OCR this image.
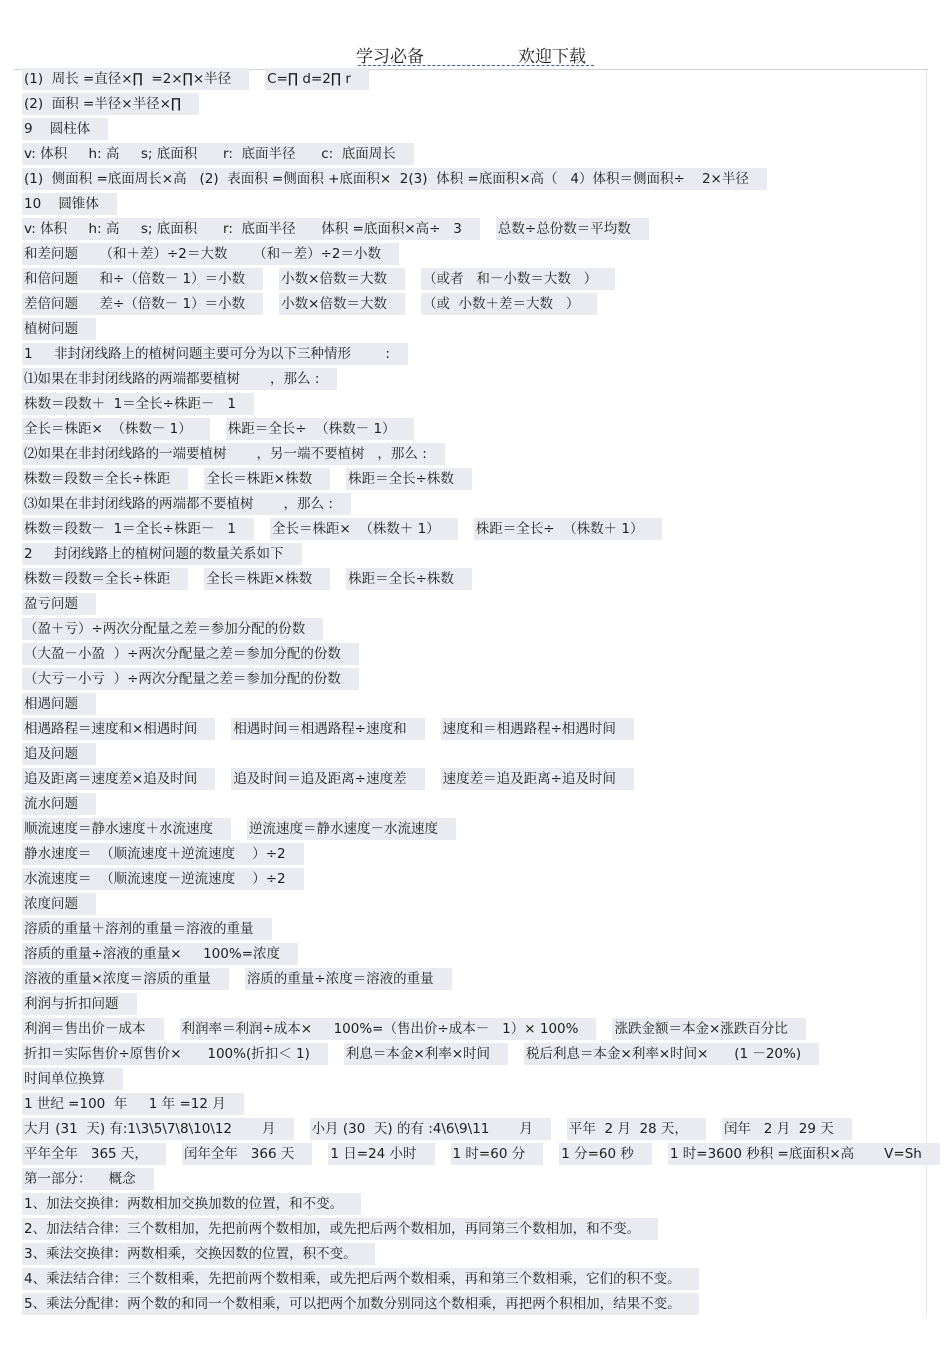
学习必备	欢迎下载
(1)  周长 =直径×∏  =2×∏×半径	C=∏ d=2∏ r
(2)  面积 =半径×半径×∏
9    圆柱体
v: 体积     h: 高     s; 底面积      r:  底面半径      c:  底面周长
(1)  侧面积 =底面周长×高   (2)  表面积 =侧面积 +底面积×  2(3)  体积 =底面积×高（   4）体积＝侧面积÷    2×半径
10    圆锥体
v: 体积     h: 高     s; 底面积      r:  底面半径      体积 =底面积×高÷   3	总数÷总份数＝平均数
和差问题     （和＋差）÷2＝大数      （和－差）÷2＝小数
和倍问题     和÷（倍数－ 1）＝小数	小数×倍数＝大数	（或者   和－小数＝大数   ）
差倍问题     差÷（倍数－ 1）＝小数	小数×倍数＝大数	（或  小数＋差＝大数   ）
植树问题
1     非封闭线路上的植树问题主要可分为以下三种情形        :
⑴如果在非封闭线路的两端都要植树       ，那么 :
株数＝段数＋  1＝全长÷株距－   1
全长＝株距×  （株数－ 1）	株距＝全长÷  （株数－ 1）
⑵如果在非封闭线路的一端要植树       ，另一端不要植树   ，那么 :
株数＝段数＝全长÷株距	全长＝株距×株数	株距＝全长÷株数
⑶如果在非封闭线路的两端都不要植树       ，那么 :
株数＝段数－  1＝全长÷株距－   1	全长＝株距×  （株数＋ 1）	株距＝全长÷  （株数＋ 1）
2     封闭线路上的植树问题的数量关系如下
株数＝段数＝全长÷株距	全长＝株距×株数	株距＝全长÷株数
盈亏问题
（盈＋亏）÷两次分配量之差＝参加分配的份数
（大盈－小盈  ）÷两次分配量之差＝参加分配的份数
（大亏－小亏  ）÷两次分配量之差＝参加分配的份数
相遇问题
相遇路程＝速度和×相遇时间	相遇时间＝相遇路程÷速度和	速度和＝相遇路程÷相遇时间
追及问题
追及距离＝速度差×追及时间	追及时间＝追及距离÷速度差	速度差＝追及距离÷追及时间
流水问题
顺流速度＝静水速度＋水流速度	逆流速度＝静水速度－水流速度
静水速度＝  （顺流速度＋逆流速度    ）÷2
水流速度＝  （顺流速度－逆流速度    ）÷2
浓度问题
溶质的重量＋溶剂的重量＝溶液的重量
溶质的重量÷溶液的重量×     100%=浓度
溶液的重量×浓度＝溶质的重量	溶质的重量÷浓度＝溶液的重量
利润与折扣问题
利润＝售出价－成本	利润率＝利润÷成本×     100%=（售出价÷成本－   1）× 100%	涨跌金额＝本金×涨跌百分比
折扣＝实际售价÷原售价×      100%(折扣＜ 1)	利息＝本金×利率×时间	税后利息＝本金×利率×时间×      (1 －20%)
时间单位换算
1 世纪 =100  年     1 年 =12 月
大月 (31  天) 有:1\3\5\7\8\10\12       月	小月 (30  天) 的有 :4\6\9\11       月	平年  2 月  28 天，	闰年   2 月  29 天
平年全年   365 天，	闰年全年   366 天	1 日=24 小时	1 时=60 分	1 分=60 秒	1 时=3600 秒积 =底面积×高       V=Sh
第一部分：    概念
1、加法交换律：两数相加交换加数的位置，和不变。
2、加法结合律：三个数相加，先把前两个数相加，或先把后两个数相加，再同第三个数相加，和不变。
3、乘法交换律：两数相乘，交换因数的位置，积不变。
4、乘法结合律：三个数相乘，先把前两个数相乘，或先把后两个数相乘，再和第三个数相乘，它们的积不变。
5、乘法分配律：两个数的和同一个数相乘，可以把两个加数分别同这个数相乘，再把两个积相加，结果不变。
